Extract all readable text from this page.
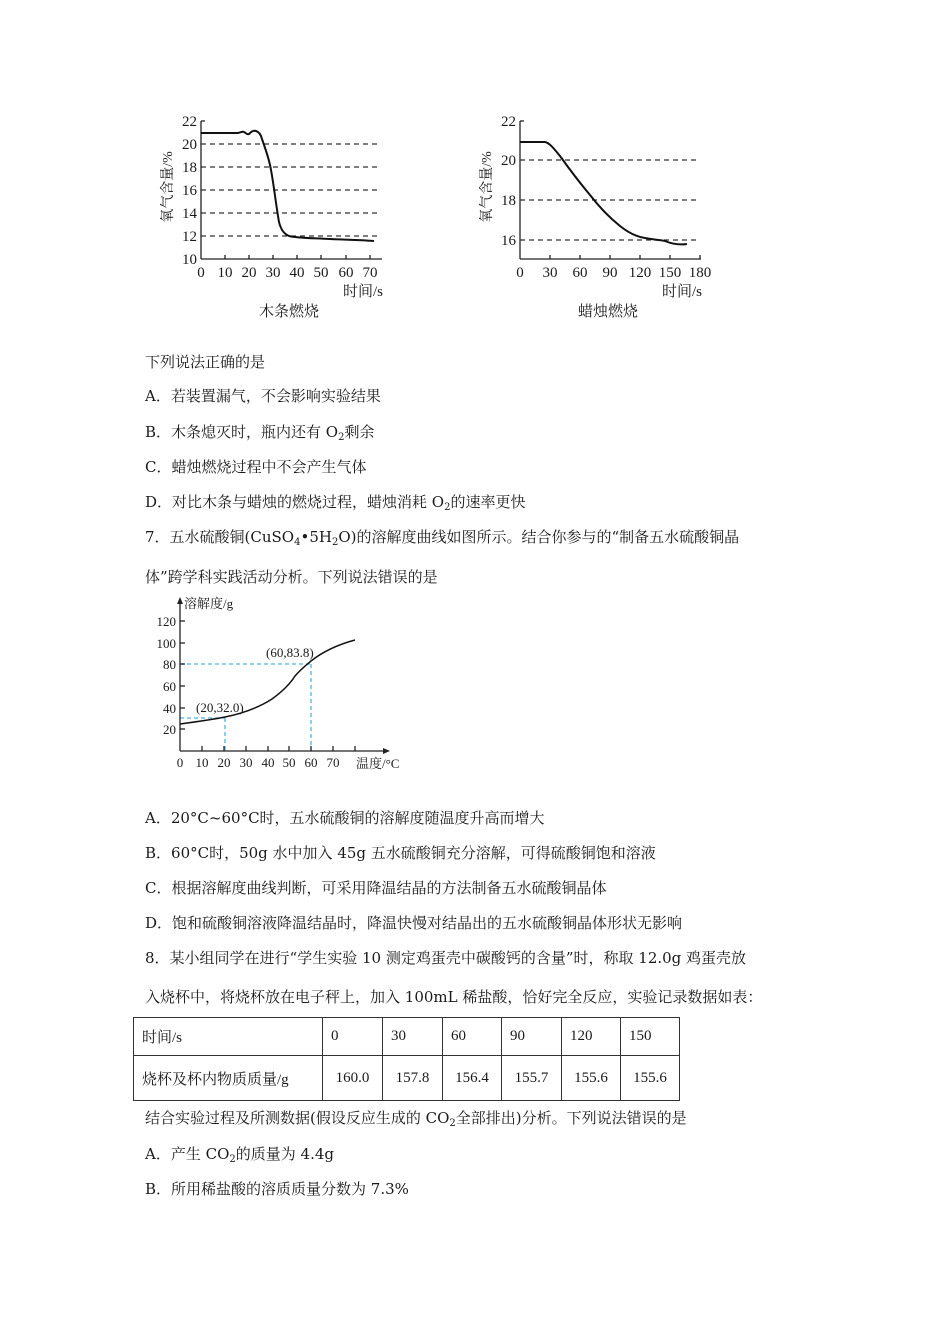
22
20
18
16
14
12
10
0 10 20 30 40 50 60 70
时间/s
木条燃烧
氧气含量/%
22
20
18
16
0 30 60 90 120 150 180
时间/s
蜡烛燃烧
氧气含量/%
下列说法正确的是
A．若装置漏气，不会影响实验结果
B．木条熄灭时，瓶内还有 $O_2$剩余
C．蜡烛燃烧过程中不会产生气体
D．对比木条与蜡烛的燃烧过程，蜡烛消耗 $O_2$的速率更快
7．五水硫酸铜$(CuSO_4•5H_2O)$的溶解度曲线如图所示。结合你参与的“制备五水硫酸铜晶
体”跨学科实践活动分析。下列说法错误的是
120
100
80
60
40
20
0 10 20 30 40 50 60 70
溶解度/g
温度/°C
(20,32.0)
(60,83.8)
A．20°C~60°C时，五水硫酸铜的溶解度随温度升高而增大
B．60°C时，50g 水中加入 45g 五水硫酸铜充分溶解，可得硫酸铜饱和溶液
C．根据溶解度曲线判断，可采用降温结晶的方法制备五水硫酸铜晶体
D．饱和硫酸铜溶液降温结晶时，降温快慢对结晶出的五水硫酸铜晶体形状无影响
8．某小组同学在进行“学生实验 10 测定鸡蛋壳中碳酸钙的含量”时，称取 12.0g 鸡蛋壳放
入烧杯中，将烧杯放在电子秤上，加入 100mL 稀盐酸，恰好完全反应，实验记录数据如表：
时间/s	0	30	60	90	120	150
烧杯及杯内物质质量/g	160.0	157.8	156.4	155.7	155.6	155.6
结合实验过程及所测数据(假设反应生成的 $CO_2$全部排出)分析。下列说法错误的是
A．产生 $CO_2$的质量为 4.4g
B．所用稀盐酸的溶质质量分数为 7.3%
